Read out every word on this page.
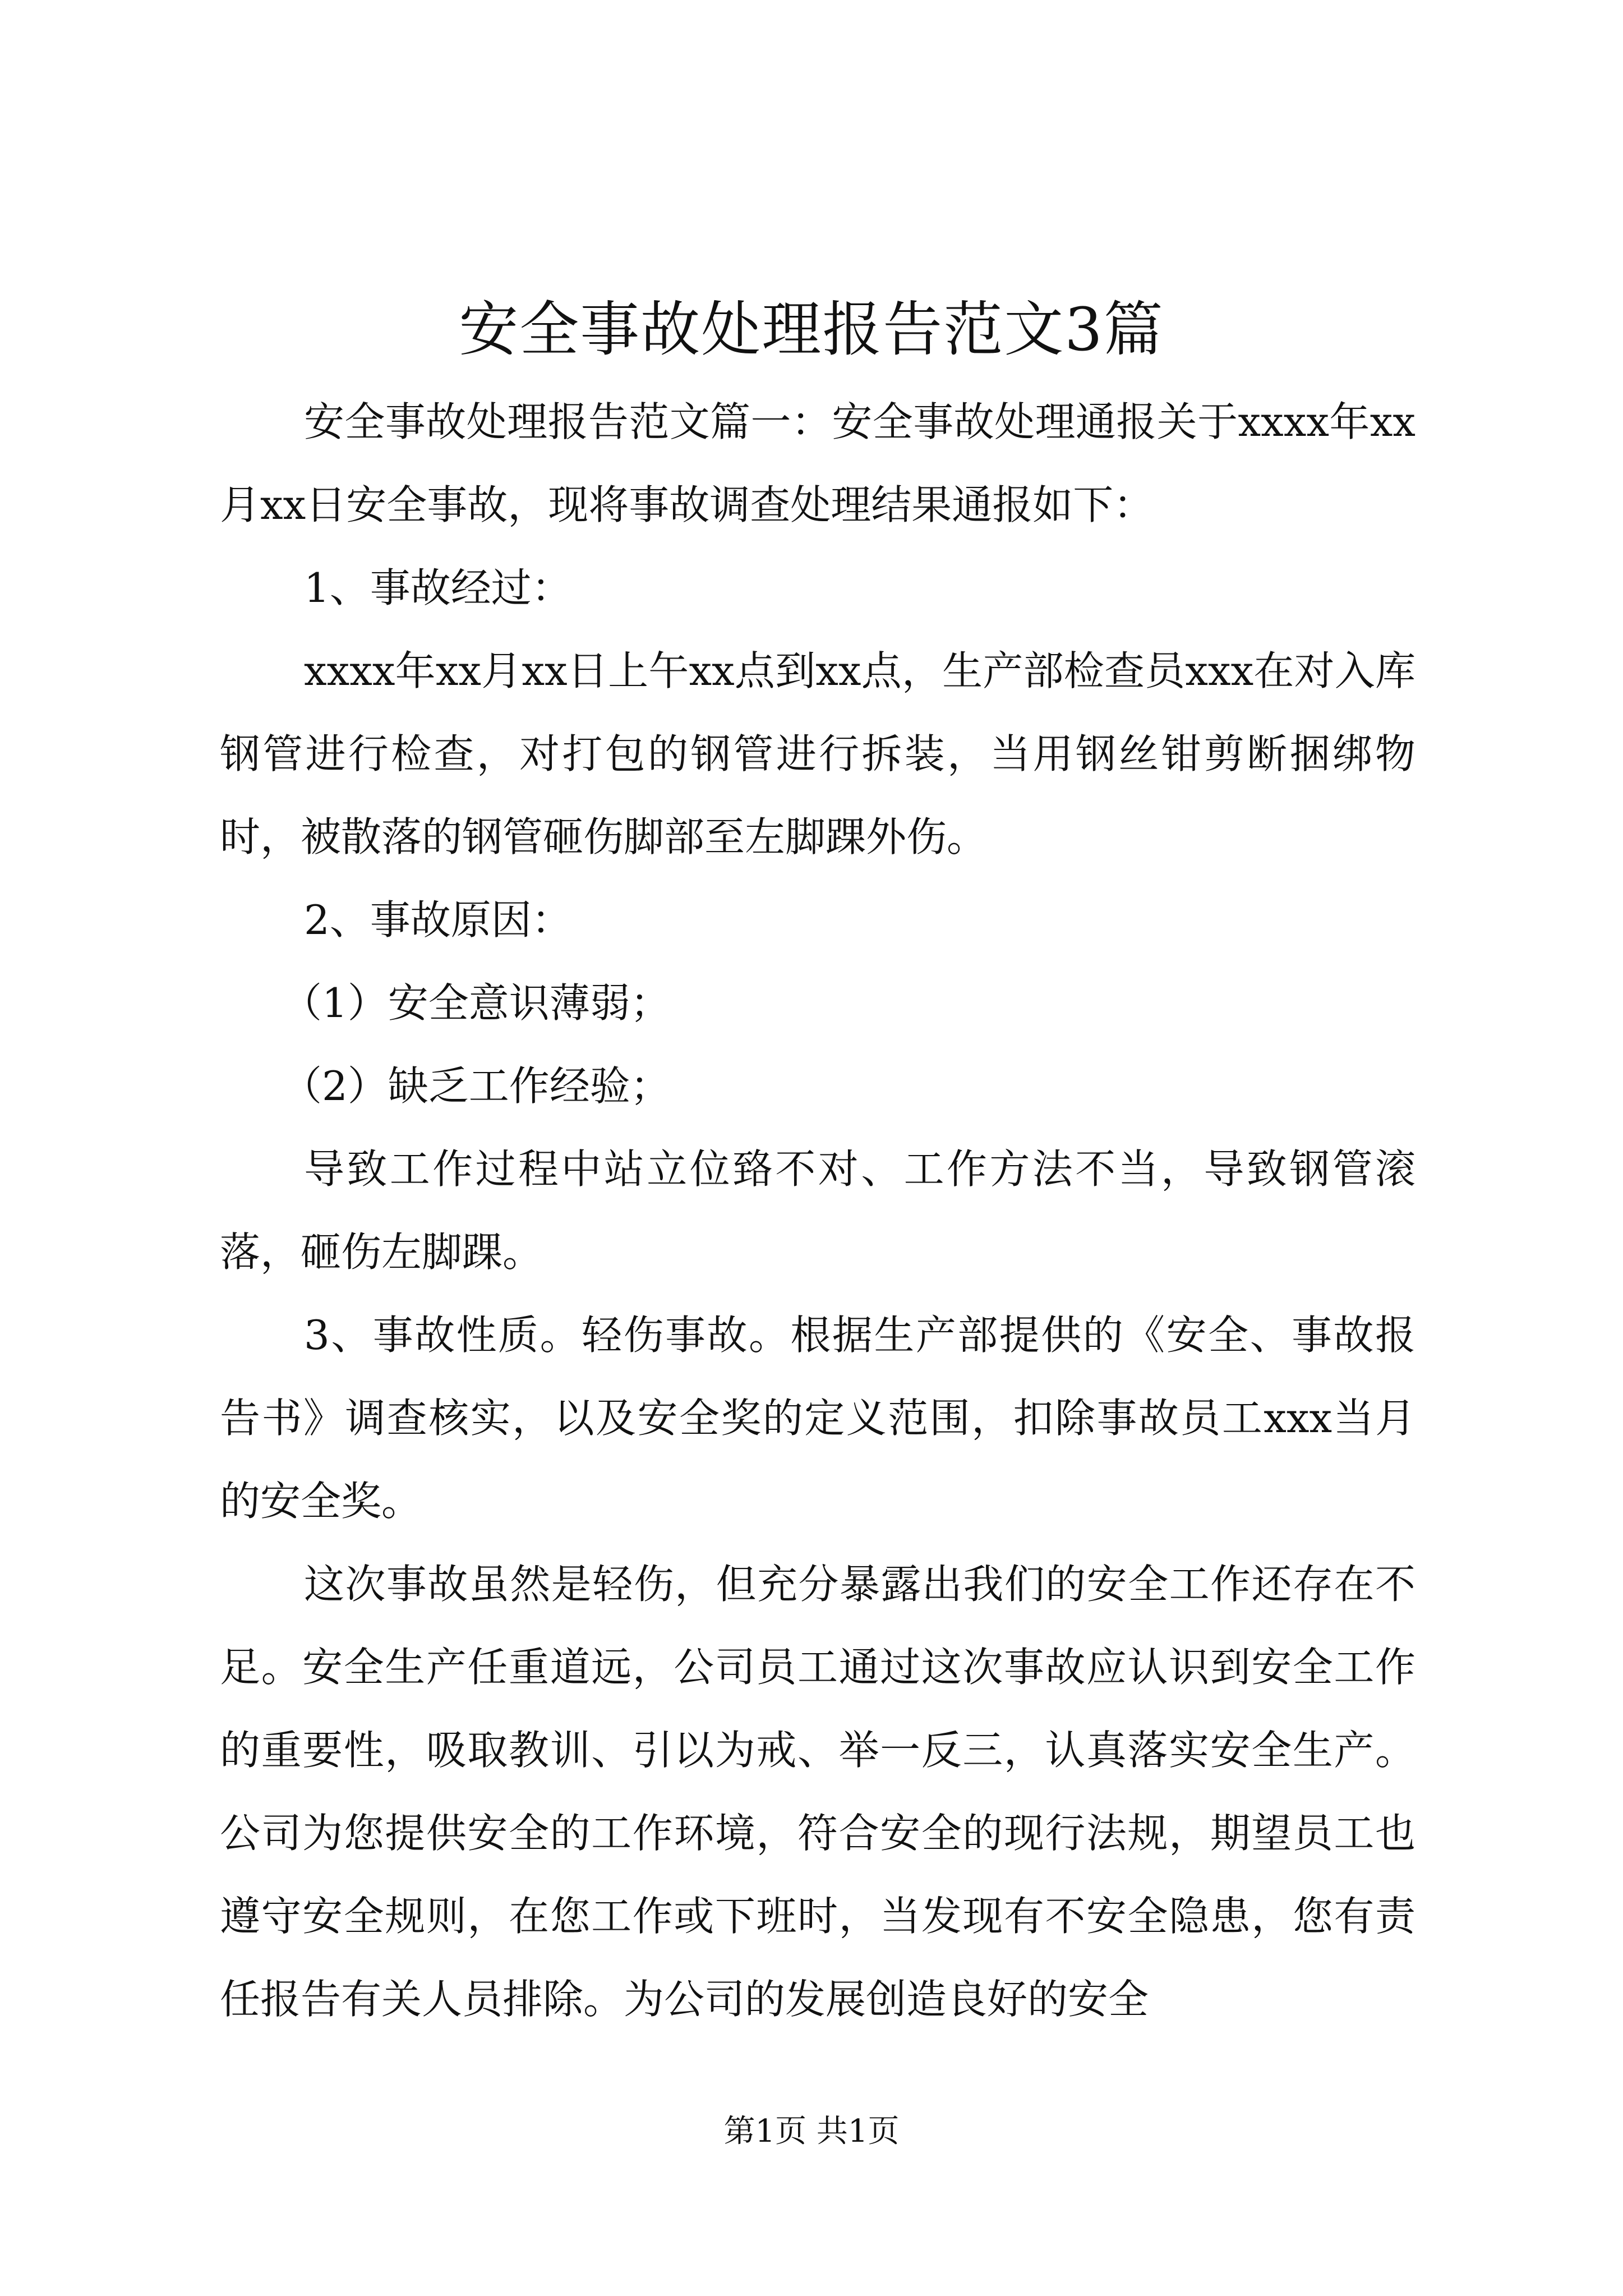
安全事故处理报告范文3篇

安全事故处理报告范文篇一：安全事故处理通报关于xxxx年xx月xx日安全事故，现将事故调查处理结果通报如下：

1、事故经过：

xxxx年xx月xx日上午xx点到xx点，生产部检查员xxx在对入库钢管进行检查，对打包的钢管进行拆装，当用钢丝钳剪断捆绑物时，被散落的钢管砸伤脚部至左脚踝外伤。

2、事故原因：

（1）安全意识薄弱；

（2）缺乏工作经验；

导致工作过程中站立位臵不对、工作方法不当，导致钢管滚落，砸伤左脚踝。

3、事故性质。轻伤事故。根据生产部提供的《安全、事故报告书》调查核实，以及安全奖的定义范围，扣除事故员工xxx当月的安全奖。

这次事故虽然是轻伤，但充分暴露出我们的安全工作还存在不足。安全生产任重道远，公司员工通过这次事故应认识到安全工作的重要性，吸取教训、引以为戒、举一反三，认真落实安全生产。公司为您提供安全的工作环境，符合安全的现行法规，期望员工也遵守安全规则，在您工作或下班时，当发现有不安全隐患，您有责任报告有关人员排除。为公司的发展创造良好的安全

第1页 共1页
